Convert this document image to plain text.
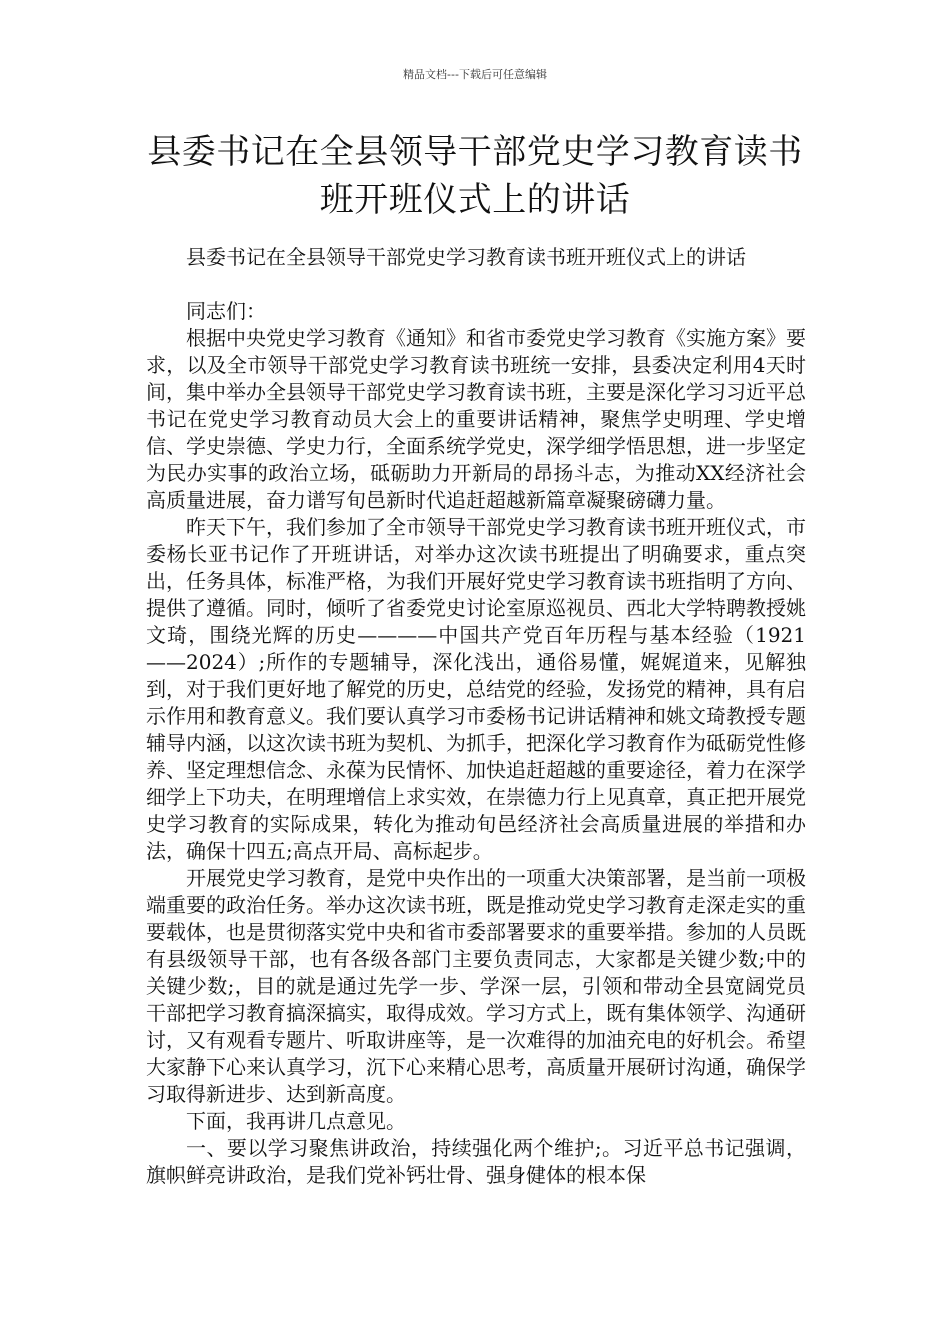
精品文档---下载后可任意编辑
县委书记在全县领导干部党史学习教育读书班开班仪式上的讲话

县委书记在全县领导干部党史学习教育读书班开班仪式上的讲话

同志们：

根据中央党史学习教育《通知》和省市委党史学习教育《实施方案》要求，以及全市领导干部党史学习教育读书班统一安排，县委决定利用4天时间，集中举办全县领导干部党史学习教育读书班，主要是深化学习习近平总书记在党史学习教育动员大会上的重要讲话精神，聚焦学史明理、学史增信、学史崇德、学史力行，全面系统学党史，深学细学悟思想，进一步坚定为民办实事的政治立场，砥砺助力开新局的昂扬斗志，为推动XX经济社会高质量进展，奋力谱写旬邑新时代追赶超越新篇章凝聚磅礴力量。

昨天下午，我们参加了全市领导干部党史学习教育读书班开班仪式，市委杨长亚书记作了开班讲话，对举办这次读书班提出了明确要求，重点突出，任务具体，标准严格，为我们开展好党史学习教育读书班指明了方向、提供了遵循。同时，倾听了省委党史讨论室原巡视员、西北大学特聘教授姚文琦，围绕光辉的历史————中国共产党百年历程与基本经验（1921——2024）;所作的专题辅导，深化浅出，通俗易懂，娓娓道来，见解独到，对于我们更好地了解党的历史，总结党的经验，发扬党的精神，具有启示作用和教育意义。我们要认真学习市委杨书记讲话精神和姚文琦教授专题辅导内涵，以这次读书班为契机、为抓手，把深化学习教育作为砥砺党性修养、坚定理想信念、永葆为民情怀、加快追赶超越的重要途径，着力在深学细学上下功夫，在明理增信上求实效，在崇德力行上见真章，真正把开展党史学习教育的实际成果，转化为推动旬邑经济社会高质量进展的举措和办法，确保十四五;高点开局、高标起步。

开展党史学习教育，是党中央作出的一项重大决策部署，是当前一项极端重要的政治任务。举办这次读书班，既是推动党史学习教育走深走实的重要载体，也是贯彻落实党中央和省市委部署要求的重要举措。参加的人员既有县级领导干部，也有各级各部门主要负责同志，大家都是关键少数;中的关键少数;，目的就是通过先学一步、学深一层，引领和带动全县宽阔党员干部把学习教育搞深搞实，取得成效。学习方式上，既有集体领学、沟通研讨，又有观看专题片、听取讲座等，是一次难得的加油充电的好机会。希望大家静下心来认真学习，沉下心来精心思考，高质量开展研讨沟通，确保学习取得新进步、达到新高度。

下面，我再讲几点意见。

一、要以学习聚焦讲政治，持续强化两个维护;。习近平总书记强调，旗帜鲜亮讲政治，是我们党补钙壮骨、强身健体的根本保
